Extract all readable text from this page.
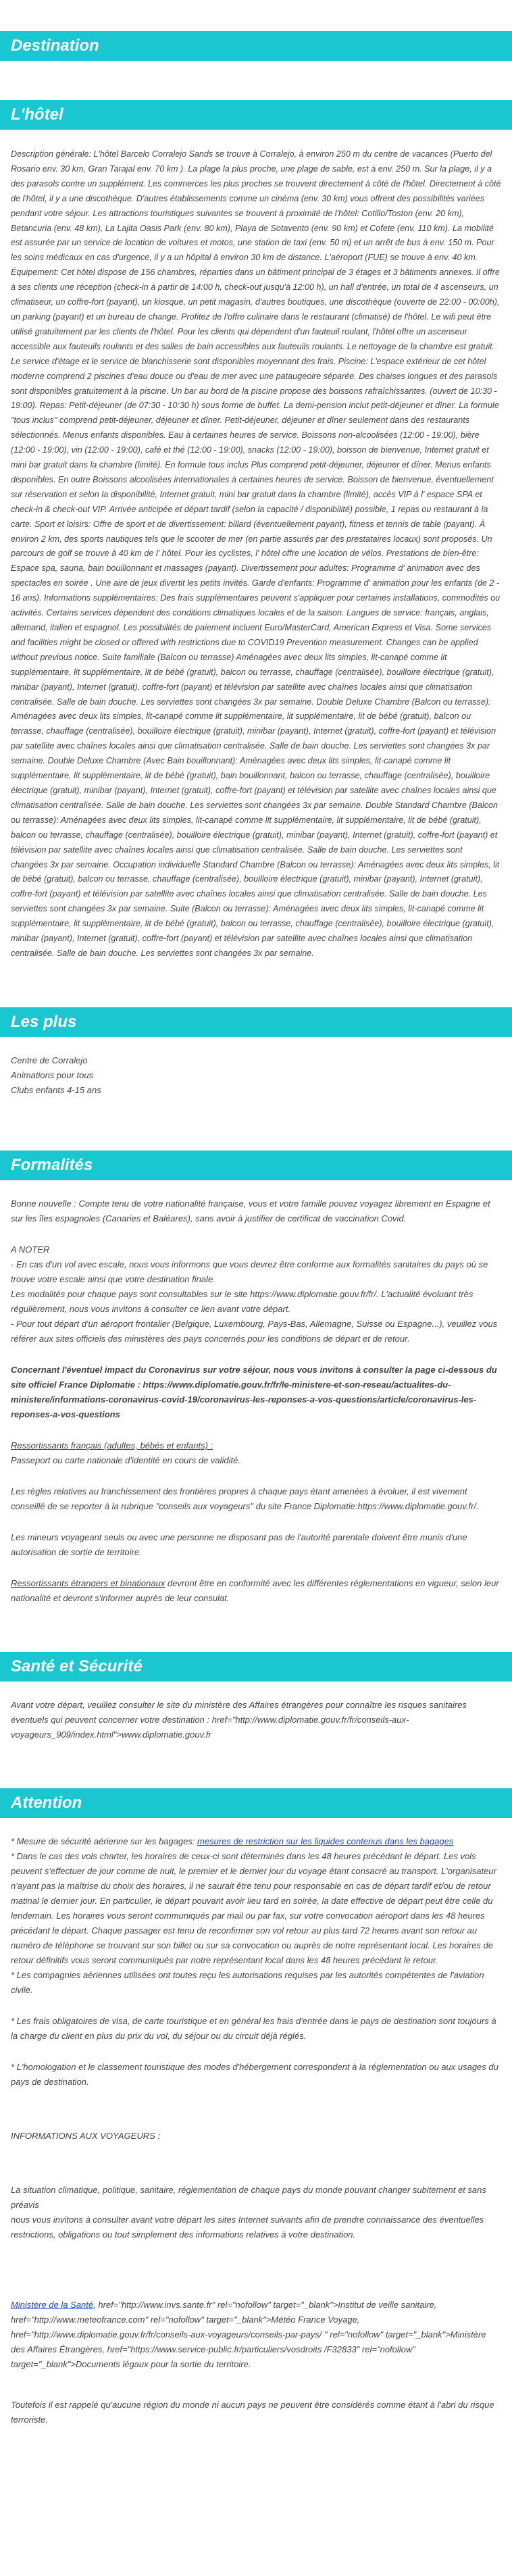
Destination
L'hôtel

Description générale: L'hôtel Barcelo Corralejo Sands se trouve à Corralejo, à environ 250 m du centre de vacances (Puerto del Rosario env. 30 km, Gran Tarajal env. 70 km ). La plage la plus proche, une plage de sable, est à env. 250 m. Sur la plage, il y a des parasols contre un supplément. Les commerces les plus proches se trouvent directement à côté de l'hôtel. Directement à côté de l'hôtel, il y a une discothèque. D'autres établissements comme un cinéma (env. 30 km) vous offrent des possibilités variées pendant votre séjour. Les attractions touristiques suivantes se trouvent à proximité de l'hôtel: Cotillo/Toston (env. 20 km), Betancuria (env. 48 km), La Lajita Oasis Park (env. 80 km), Playa de Sotavento (env. 90 km) et Cofete (env. 110 km). La mobilité est assurée par un service de location de voitures et motos, une station de taxi (env. 50 m) et un arrêt de bus à env. 150 m. Pour les soins médicaux en cas d'urgence, il y a un hôpital à environ 30 km de distance. L'aéroport (FUE) se trouve à env. 40 km. Équipement: Cet hôtel dispose de 156 chambres, réparties dans un bâtiment principal de 3 étages et 3 bâtiments annexes. Il offre à ses clients une réception (check-in à partir de 14:00 h, check-out jusqu'à 12:00 h), un hall d'entrée, un total de 4 ascenseurs, un climatiseur, un coffre-fort (payant), un kiosque, un petit magasin, d'autres boutiques, une discothèque (ouverte de 22:00 - 00:00h), un parking (payant) et un bureau de change. Profitez de l'offre culinaire dans le restaurant (climatisé) de l'hôtel. Le wifi peut être utilisé gratuitement par les clients de l'hôtel. Pour les clients qui dépendent d'un fauteuil roulant, l'hôtel offre un ascenseur accessible aux fauteuils roulants et des salles de bain accessibles aux fauteuils roulants. Le nettoyage de la chambre est gratuit. Le service d'étage et le service de blanchisserie sont disponibles moyennant des frais. Piscine: L'espace extérieur de cet hôtel moderne comprend 2 piscines d'eau douce ou d'eau de mer avec une pataugeoire séparée. Des chaises longues et des parasols sont disponibles gratuitement à la piscine. Un bar au bord de la piscine propose des boissons rafraîchissantes. (ouvert de 10:30 - 19:00). Repas: Petit-déjeuner (de 07:30 - 10:30 h) sous forme de buffet. La demi-pension inclut petit-déjeuner et dîner. La formule "tous inclus" comprend petit-déjeuner, déjeuner et dîner. Petit-déjeuner, déjeuner et dîner seulement dans des restaurants sélectionnés. Menus enfants disponibles. Eau à certaines heures de service. Boissons non-alcoolisées (12:00 - 19:00), bière (12:00 - 19:00), vin (12:00 - 19:00), café et thé (12:00 - 19:00), snacks (12:00 - 19:00), boisson de bienvenue, Internet gratuit et mini bar gratuit dans la chambre (limité). En formule tous inclus Plus comprend petit-déjeuner, déjeuner et dîner. Menus enfants disponibles. En outre Boissons alcoolisées internationales à certaines heures de service. Boisson de bienvenue, éventuellement sur réservation et selon la disponibilité, Internet gratuit, mini bar gratuit dans la chambre (limité), accès VIP à l' espace SPA et check-in & check-out VIP. Arrivée anticipée et départ tardif (selon la capacité / disponibilité) possible, 1 repas ou restaurant à la carte. Sport et loisirs: Offre de sport et de divertissement: billard (éventuellement payant), fitness et tennis de table (payant). À environ 2 km, des sports nautiques tels que le scooter de mer (en partie assurés par des prestataires locaux) sont proposés. Un parcours de golf se trouve à 40 km de l' hôtel. Pour les cyclistes, l' hôtel offre une location de vélos. Prestations de bien-être: Espace spa, sauna, bain bouillonnant et massages (payant). Divertissement pour adultes: Programme d' animation avec des spectacles en soirée . Une aire de jeux divertit les petits invités. Garde d'enfants: Programme d' animation pour les enfants (de 2 - 16 ans). Informations supplémentaires: Des frais supplémentaires peuvent s'appliquer pour certaines installations, commodités ou activités. Certains services dépendent des conditions climatiques locales et de la saison. Langues de service: français, anglais, allemand, italien et espagnol. Les possibilités de paiement incluent Euro/MasterCard, American Express et Visa. Some services and facilities might be closed or offered with restrictions due to COVID19 Prevention measurement. Changes can be applied without previous notice. Suite familiale (Balcon ou terrasse) Aménagées avec deux lits simples, lit-canapé comme lit supplémentaire, lit supplémentaire, lit de bébé (gratuit), balcon ou terrasse, chauffage (centralisée), bouilloire électrique (gratuit), minibar (payant), Internet (gratuit), coffre-fort (payant) et télévision par satellite avec chaînes locales ainsi que climatisation centralisée. Salle de bain douche. Les serviettes sont changées 3x par semaine. Double Deluxe Chambre (Balcon ou terrasse): Aménagées avec deux lits simples, lit-canapé comme lit supplémentaire, lit supplémentaire, lit de bébé (gratuit), balcon ou terrasse, chauffage (centralisée), bouilloire électrique (gratuit), minibar (payant), Internet (gratuit), coffre-fort (payant) et télévision par satellite avec chaînes locales ainsi que climatisation centralisée. Salle de bain douche. Les serviettes sont changées 3x par semaine. Double Deluxe Chambre (Avec Bain bouillonnant): Aménagées avec deux lits simples, lit-canapé comme lit supplémentaire, lit supplémentaire, lit de bébé (gratuit), bain bouillonnant, balcon ou terrasse, chauffage (centralisée), bouilloire électrique (gratuit), minibar (payant), Internet (gratuit), coffre-fort (payant) et télévision par satellite avec chaînes locales ainsi que climatisation centralisée. Salle de bain douche. Les serviettes sont changées 3x par semaine. Double Standard Chambre (Balcon ou terrasse): Aménagées avec deux lits simples, lit-canapé comme lit supplémentaire, lit supplémentaire, lit de bébé (gratuit), balcon ou terrasse, chauffage (centralisée), bouilloire électrique (gratuit), minibar (payant), Internet (gratuit), coffre-fort (payant) et télévision par satellite avec chaînes locales ainsi que climatisation centralisée. Salle de bain douche. Les serviettes sont changées 3x par semaine. Occupation individuelle Standard Chambre (Balcon ou terrasse): Aménagées avec deux lits simples, lit de bébé (gratuit), balcon ou terrasse, chauffage (centralisée), bouilloire électrique (gratuit), minibar (payant), Internet (gratuit), coffre-fort (payant) et télévision par satellite avec chaînes locales ainsi que climatisation centralisée. Salle de bain douche. Les serviettes sont changées 3x par semaine. Suite (Balcon ou terrasse): Aménagées avec deux lits simples, lit-canapé comme lit supplémentaire, lit supplémentaire, lit de bébé (gratuit), balcon ou terrasse, chauffage (centralisée), bouilloire électrique (gratuit), minibar (payant), Internet (gratuit), coffre-fort (payant) et télévision par satellite avec chaînes locales ainsi que climatisation centralisée. Salle de bain douche. Les serviettes sont changées 3x par semaine.

Les plus
Centre de Corralejo
Animations pour tous
Clubs enfants 4-15 ans
Formalités

Bonne nouvelle : Compte tenu de votre nationalité française, vous et votre famille pouvez voyagez librement en Espagne et sur les îles espagnoles (Canaries et Baléares), sans avoir à justifier de certificat de vaccination Covid.

A NOTER

- En cas d'un vol avec escale, nous vous informons que vous devrez être conforme aux formalités sanitaires du pays où se trouve votre escale ainsi que votre destination finale.

Les modalités pour chaque pays sont consultables sur le site https://www.diplomatie.gouv.fr/fr/. L'actualité évoluant très régulièrement, nous vous invitons à consulter ce lien avant votre départ.

- Pour tout départ d'un aéroport frontalier (Belgique, Luxembourg, Pays-Bas, Allemagne, Suisse ou Espagne...), veuillez vous référer aux sites officiels des ministères des pays concernés pour les conditions de départ et de retour.

Concernant l'éventuel impact du Coronavirus sur votre séjour, nous vous invitons à consulter la page ci-dessous du site officiel France Diplomatie : https://www.diplomatie.gouv.fr/fr/le-ministere-et-son-reseau/actualites-du-ministere/informations-coronavirus-covid-19/coronavirus-les-reponses-a-vos-questions/article/coronavirus-les-reponses-a-vos-questions

Ressortissants français (adultes, bébés et enfants) :

Passeport ou carte nationale d'identité en cours de validité.

Les règles relatives au franchissement des frontières propres à chaque pays étant amenées à évoluer, il est vivement conseillé de se reporter à la rubrique "conseils aux voyageurs" du site France Diplomatie:https://www.diplomatie.gouv.fr/.

Les mineurs voyageant seuls ou avec une personne ne disposant pas de l'autorité parentale doivent être munis d'une autorisation de sortie de territoire.

Ressortissants étrangers et binationaux devront être en conformité avec les différentes réglementations en vigueur, selon leur nationalité et devront s'informer auprès de leur consulat.

Santé et Sécurité

Avant votre départ, veuillez consulter le site du ministère des Affaires étrangères pour connaître les risques sanitaires éventuels qui peuvent concerner votre destination : href="http://www.diplomatie.gouv.fr/fr/conseils-aux-voyageurs_909/index.html">www.diplomatie.gouv.fr

Attention

* Mesure de sécurité aérienne sur les bagages: mesures de restriction sur les liquides contenus dans les bagages

* Dans le cas des vols charter, les horaires de ceux-ci sont déterminés dans les 48 heures précédant le départ. Les vols peuvent s'effectuer de jour comme de nuit, le premier et le dernier jour du voyage étant consacré au transport. L'organisateur n'ayant pas la maîtrise du choix des horaires, il ne saurait être tenu pour responsable en cas de départ tardif et/ou de retour matinal le dernier jour. En particulier, le départ pouvant avoir lieu tard en soirée, la date effective de départ peut être celle du lendemain. Les horaires vous seront communiqués par mail ou par fax, sur votre convocation aéroport dans les 48 heures précédant le départ. Chaque passager est tenu de reconfirmer son vol retour au plus tard 72 heures avant son retour au numéro de téléphone se trouvant sur son billet ou sur sa convocation ou auprès de notre représentant local. Les horaires de retour définitifs vous seront communiqués par notre représentant local dans les 48 heures précédant le retour.

* Les compagnies aériennes utilisées ont toutes reçu les autorisations requises par les autorités compétentes de l'aviation civile.

* Les frais obligatoires de visa, de carte touristique et en général les frais d'entrée dans le pays de destination sont toujours à la charge du client en plus du prix du vol, du séjour ou du circuit déjà réglés.

* L'homologation et le classement touristique des modes d'hébergement correspondent à la réglementation ou aux usages du pays de destination.

INFORMATIONS AUX VOYAGEURS :

La situation climatique, politique, sanitaire, réglementation de chaque pays du monde pouvant changer subitement et sans préavis

nous vous invitons à consulter avant votre départ les sites Internet suivants afin de prendre connaissance des éventuelles restrictions, obligations ou tout simplement des informations relatives à votre destination.

Ministère de la Santé, href="http://www.invs.sante.fr" rel="nofollow" target="_blank">Institut de veille sanitaire, href="http://www.meteofrance.com" rel="nofollow" target="_blank">Météo France Voyage, href="http://www.diplomatie.gouv.fr/fr/conseils-aux-voyageurs/conseils-par-pays/ " rel="nofollow" target="_blank">Ministère des Affaires Étrangères, href="https://www.service-public.fr/particuliers/vosdroits /F32833" rel="nofollow" target="_blank">Documents légaux pour la sortie du territoire.

Toutefois il est rappelé qu'aucune région du monde ni aucun pays ne peuvent être considérés comme étant à l'abri du risque terroriste.
